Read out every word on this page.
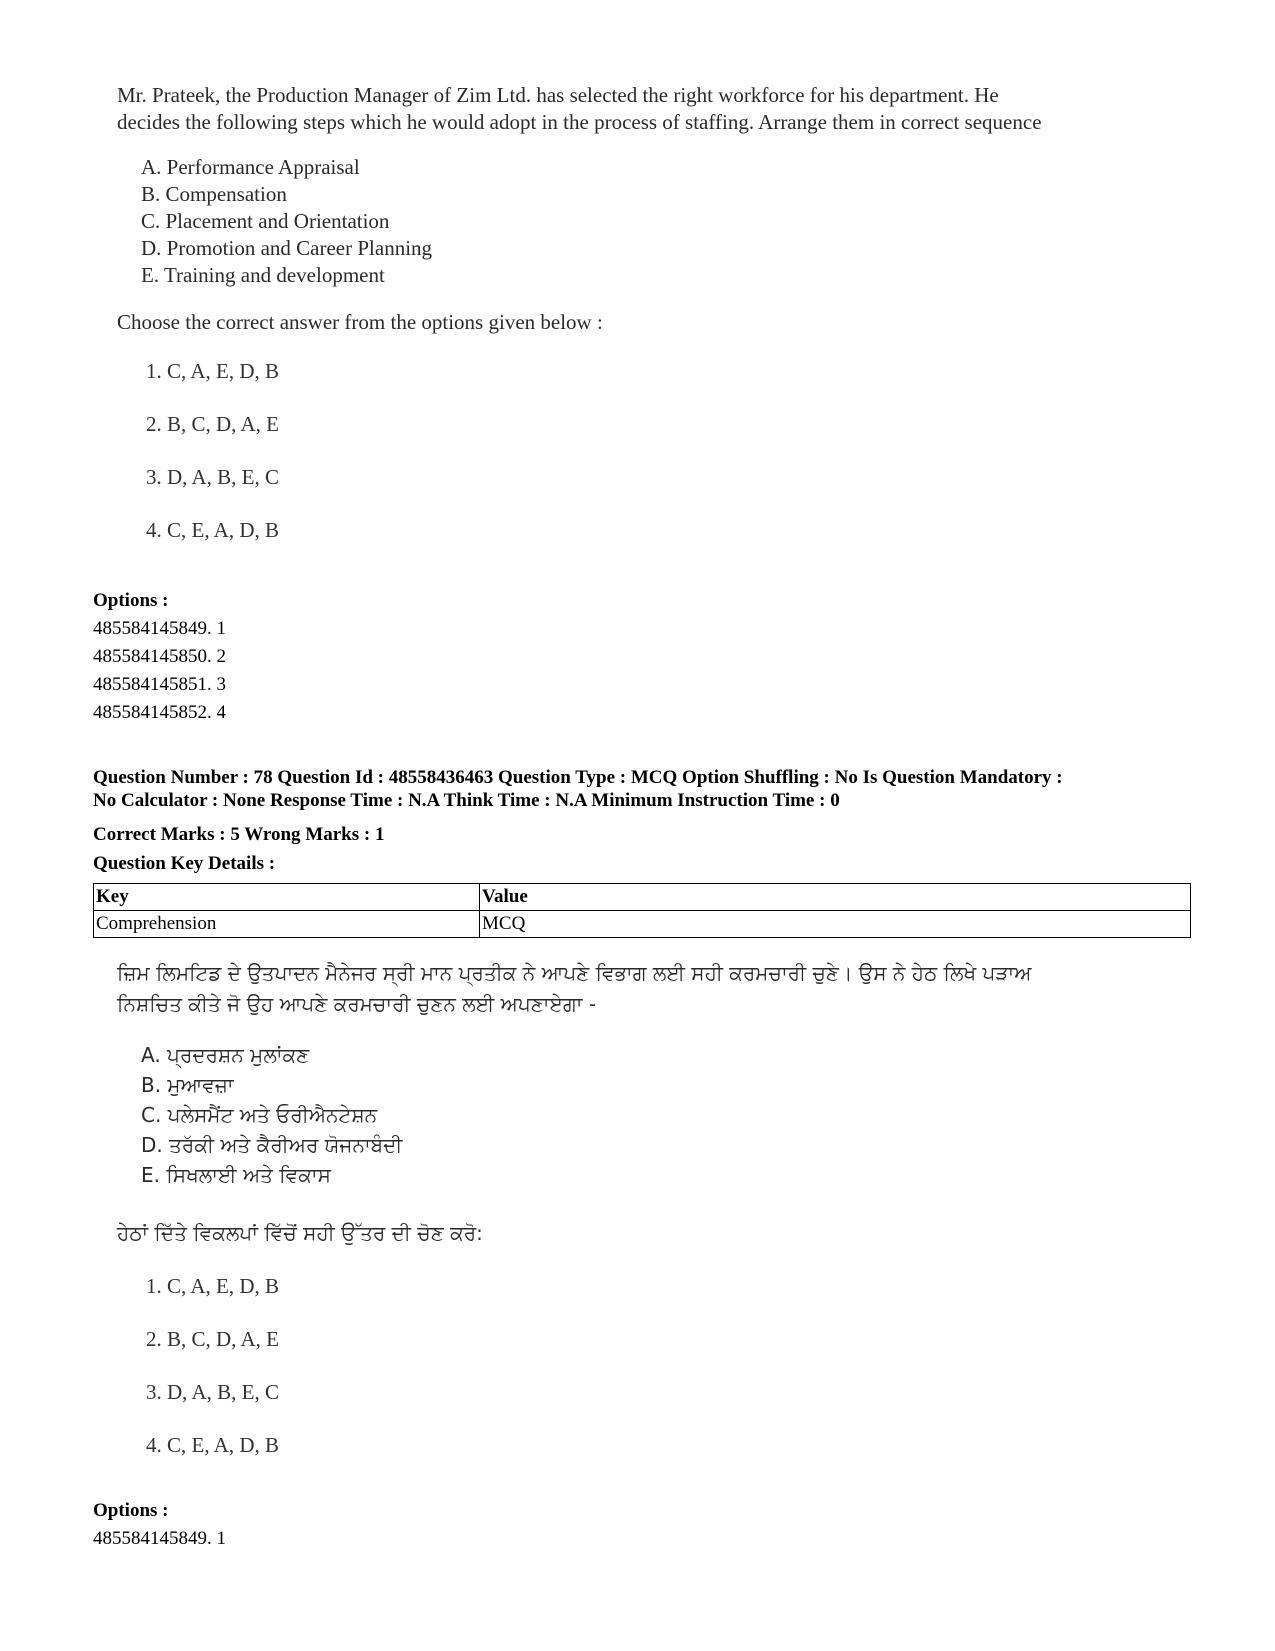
Mr. Prateek, the Production Manager of Zim Ltd. has selected the right workforce for his department. He

decides the following steps which he would adopt in the process of staffing. Arrange them in correct sequence

A. Performance Appraisal
B. Compensation
C. Placement and Orientation
D. Promotion and Career Planning
E. Training and development
Choose the correct answer from the options given below :
1. C, A, E, D, B
2. B, C, D, A, E
3. D, A, B, E, C
4. C, E, A, D, B
Options :
485584145849. 1
485584145850. 2
485584145851. 3
485584145852. 4
Question Number : 78 Question Id : 48558436463 Question Type : MCQ Option Shuffling : No Is Question Mandatory :
No Calculator : None Response Time : N.A Think Time : N.A Minimum Instruction Time : 0
Correct Marks : 5 Wrong Marks : 1
Question Key Details :
Key	Value
Comprehension	MCQ

ਜ਼ਿਮ ਲਿਮਟਿਡ ਦੇ ਉਤਪਾਦਨ ਮੈਨੇਜਰ ਸ੍ਰੀ ਮਾਨ ਪ੍ਰਤੀਕ ਨੇ ਆਪਣੇ ਵਿਭਾਗ ਲਈ ਸਹੀ ਕਰਮਚਾਰੀ ਚੁਣੇ। ਉਸ ਨੇ ਹੇਠ ਲਿਖੇ ਪੜਾਅ

ਨਿਸ਼ਚਿਤ ਕੀਤੇ ਜੋ ਉਹ ਆਪਣੇ ਕਰਮਚਾਰੀ ਚੁਣਨ ਲਈ ਅਪਣਾਏਗਾ -

A. ਪ੍ਰਦਰਸ਼ਨ ਮੁਲਾਂਕਣ
B. ਮੁਆਵਜ਼ਾ
C. ਪਲੇਸਮੈਂਟ ਅਤੇ ਓਰੀਐਨਟੇਸ਼ਨ
D. ਤਰੱਕੀ ਅਤੇ ਕੈਰੀਅਰ ਯੋਜਨਾਬੰਦੀ
E. ਸਿਖਲਾਈ ਅਤੇ ਵਿਕਾਸ
ਹੇਠਾਂ ਦਿੱਤੇ ਵਿਕਲਪਾਂ ਵਿੱਚੋਂ ਸਹੀ ਉੱਤਰ ਦੀ ਚੋਣ ਕਰੋ:
1. C, A, E, D, B
2. B, C, D, A, E
3. D, A, B, E, C
4. C, E, A, D, B
Options :
485584145849. 1
